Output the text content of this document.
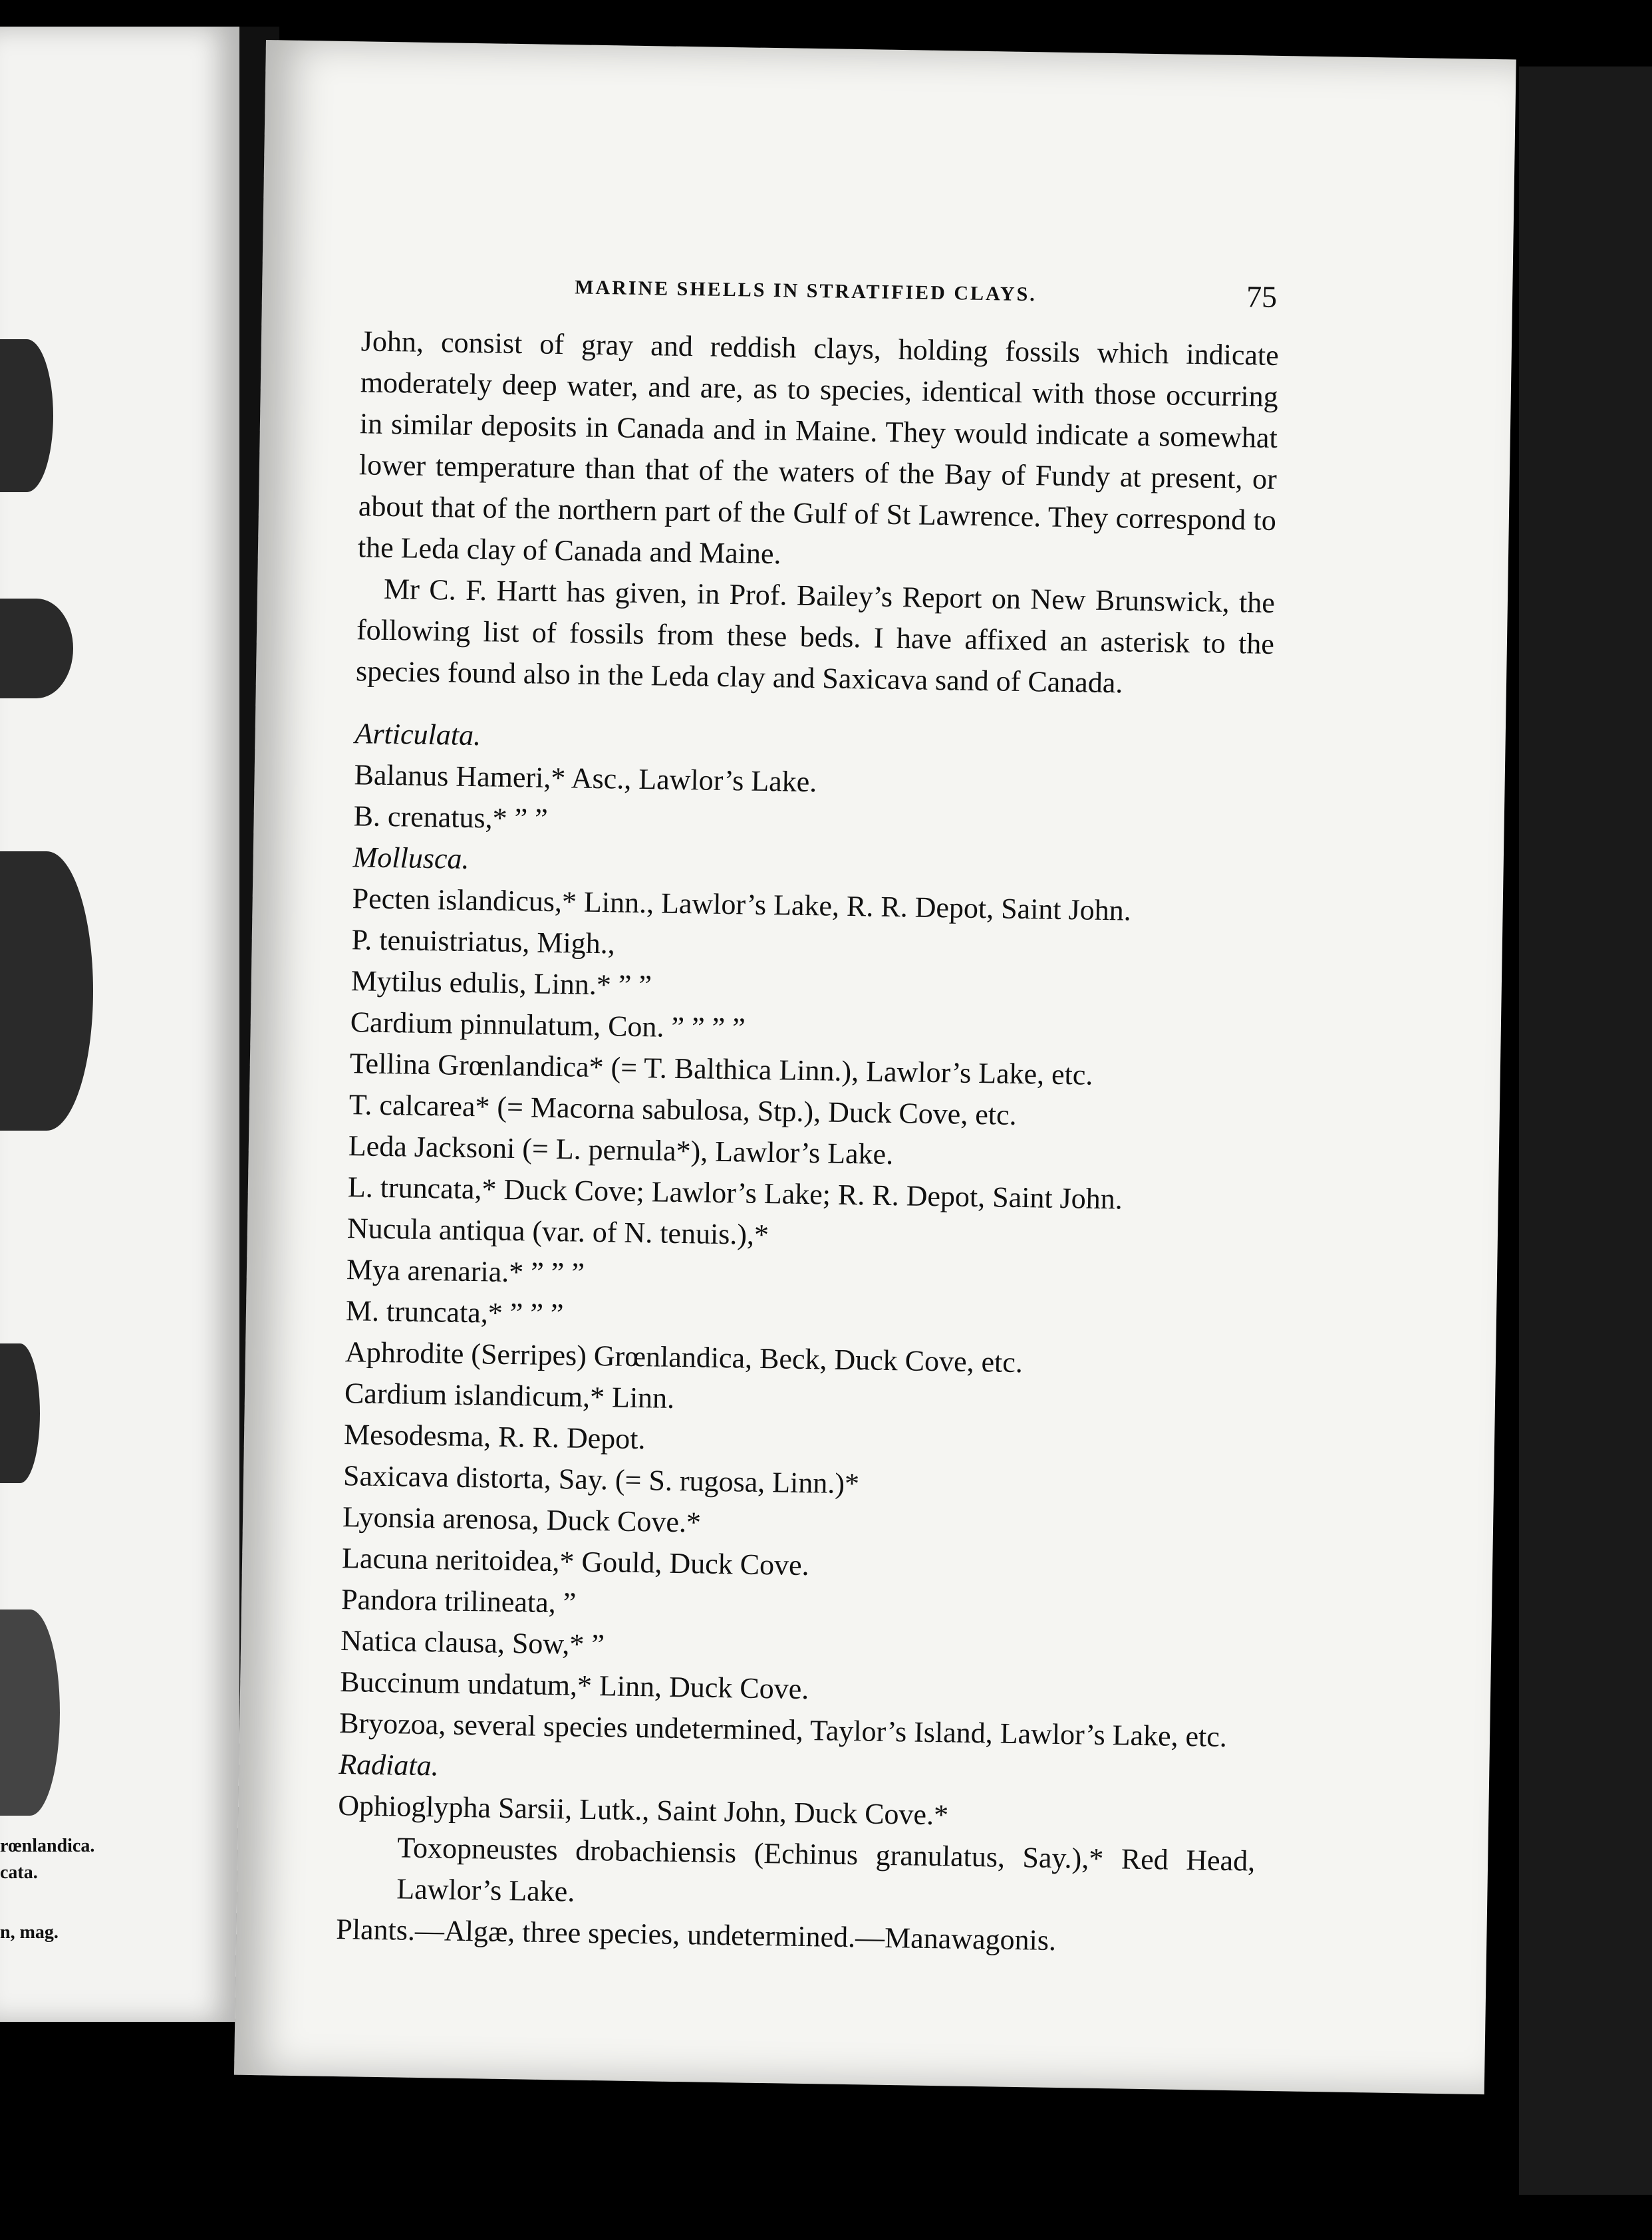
rœnlandica.
cata.
n, mag.
MARINE SHELLS IN STRATIFIED CLAYS.	75

John, consist of gray and reddish clays, holding fossils which indicate moderately deep water, and are, as to species, identical with those occurring in similar deposits in Canada and in Maine. They would indicate a somewhat lower temperature than that of the waters of the Bay of Fundy at present, or about that of the northern part of the Gulf of St Lawrence. They correspond to the Leda clay of Canada and Maine.

Mr C. F. Hartt has given, in Prof. Bailey’s Report on New Brunswick, the following list of fossils from these beds. I have affixed an asterisk to the species found also in the Leda clay and Saxicava sand of Canada.

Articulata.

Balanus Hameri,* Asc., Lawlor’s Lake.

B. crenatus,* ” ”

Mollusca.

Pecten islandicus,* Linn., Lawlor’s Lake, R. R. Depot, Saint John.

P. tenuistriatus, Migh.,

Mytilus edulis, Linn.* ” ”

Cardium pinnulatum, Con. ” ” ” ”

Tellina Grœnlandica* (= T. Balthica Linn.), Lawlor’s Lake, etc.

T. calcarea* (= Macorna sabulosa, Stp.), Duck Cove, etc.

Leda Jacksoni (= L. pernula*), Lawlor’s Lake.

L. truncata,* Duck Cove; Lawlor’s Lake; R. R. Depot, Saint John.

Nucula antiqua (var. of N. tenuis.),*

Mya arenaria.* ” ” ”

M. truncata,* ” ” ”

Aphrodite (Serripes) Grœnlandica, Beck, Duck Cove, etc.

Cardium islandicum,* Linn.

Mesodesma, R. R. Depot.

Saxicava distorta, Say. (= S. rugosa, Linn.)*

Lyonsia arenosa, Duck Cove.*

Lacuna neritoidea,* Gould, Duck Cove.

Pandora trilineata, ”

Natica clausa, Sow,* ”

Buccinum undatum,* Linn, Duck Cove.

Bryozoa, several species undetermined, Taylor’s Island, Lawlor’s Lake, etc.

Radiata.

Ophioglypha Sarsii, Lutk., Saint John, Duck Cove.*

Toxopneustes drobachiensis (Echinus granulatus, Say.),* Red Head, Lawlor’s Lake.

Plants.—Algæ, three species, undetermined.—Manawagonis.
